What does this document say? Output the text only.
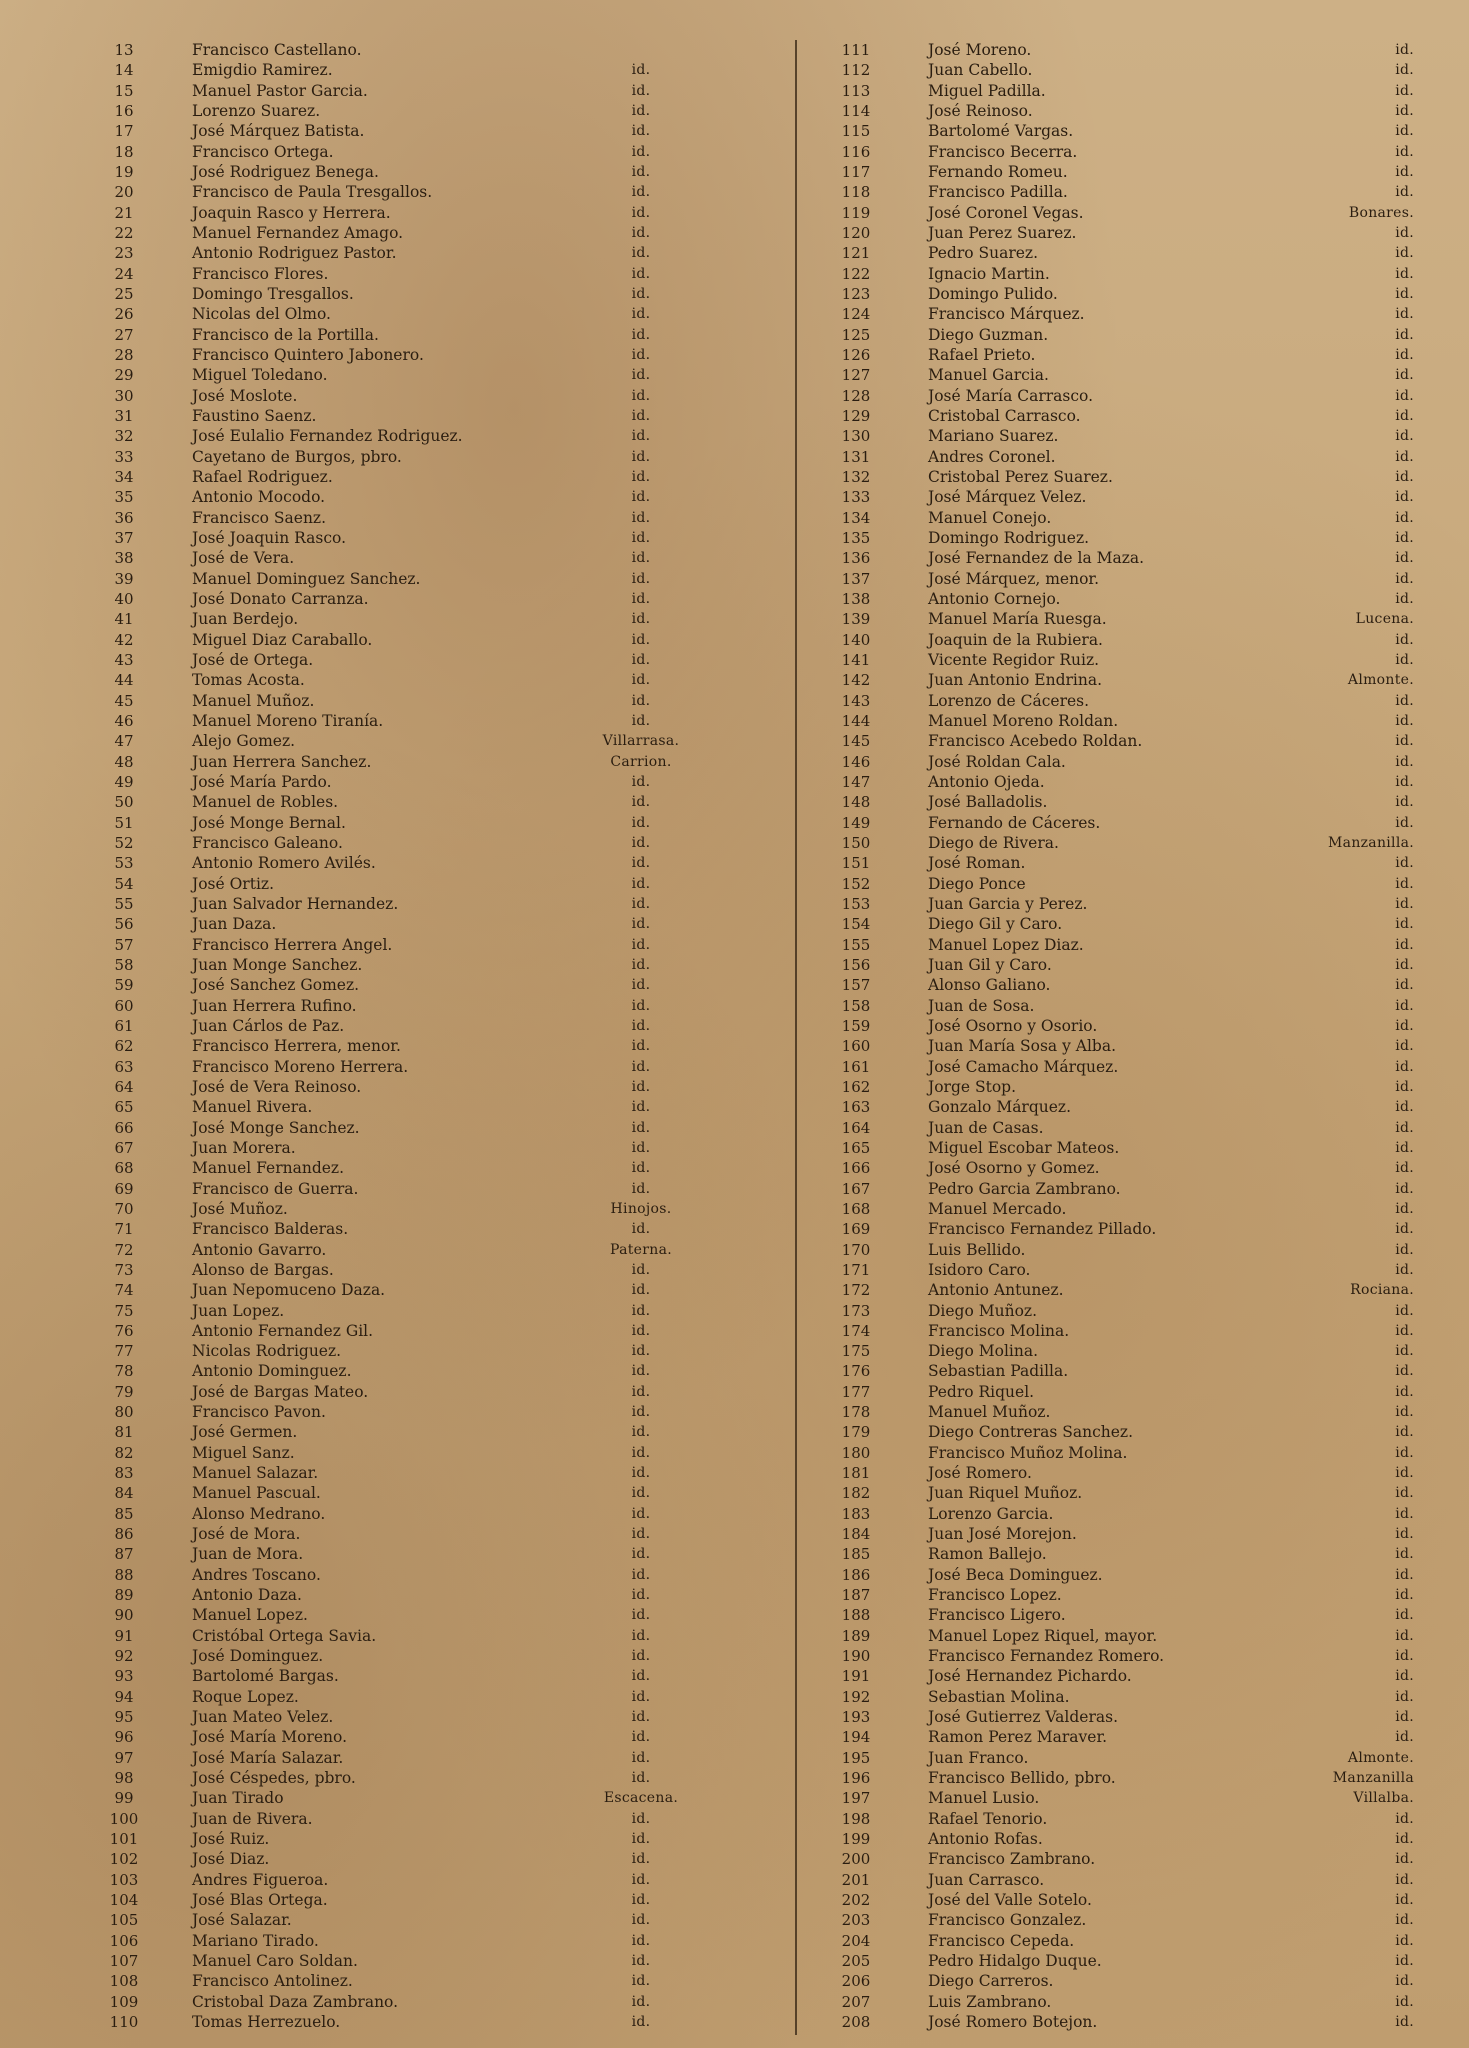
13	Francisco Castellano.
14	Emigdio Ramirez.	id.
15	Manuel Pastor Garcia.	id.
16	Lorenzo Suarez.	id.
17	José Márquez Batista.	id.
18	Francisco Ortega.	id.
19	José Rodriguez Benega.	id.
20	Francisco de Paula Tresgallos.	id.
21	Joaquin Rasco y Herrera.	id.
22	Manuel Fernandez Amago.	id.
23	Antonio Rodriguez Pastor.	id.
24	Francisco Flores.	id.
25	Domingo Tresgallos.	id.
26	Nicolas del Olmo.	id.
27	Francisco de la Portilla.	id.
28	Francisco Quintero Jabonero.	id.
29	Miguel Toledano.	id.
30	José Moslote.	id.
31	Faustino Saenz.	id.
32	José Eulalio Fernandez Rodriguez.	id.
33	Cayetano de Burgos, pbro.	id.
34	Rafael Rodriguez.	id.
35	Antonio Mocodo.	id.
36	Francisco Saenz.	id.
37	José Joaquin Rasco.	id.
38	José de Vera.	id.
39	Manuel Dominguez Sanchez.	id.
40	José Donato Carranza.	id.
41	Juan Berdejo.	id.
42	Miguel Diaz Caraballo.	id.
43	José de Ortega.	id.
44	Tomas Acosta.	id.
45	Manuel Muñoz.	id.
46	Manuel Moreno Tiranía.	id.
47	Alejo Gomez.	Villarrasa.
48	Juan Herrera Sanchez.	Carrion.
49	José María Pardo.	id.
50	Manuel de Robles.	id.
51	José Monge Bernal.	id.
52	Francisco Galeano.	id.
53	Antonio Romero Avilés.	id.
54	José Ortiz.	id.
55	Juan Salvador Hernandez.	id.
56	Juan Daza.	id.
57	Francisco Herrera Angel.	id.
58	Juan Monge Sanchez.	id.
59	José Sanchez Gomez.	id.
60	Juan Herrera Rufino.	id.
61	Juan Cárlos de Paz.	id.
62	Francisco Herrera, menor.	id.
63	Francisco Moreno Herrera.	id.
64	José de Vera Reinoso.	id.
65	Manuel Rivera.	id.
66	José Monge Sanchez.	id.
67	Juan Morera.	id.
68	Manuel Fernandez.	id.
69	Francisco de Guerra.	id.
70	José Muñoz.	Hinojos.
71	Francisco Balderas.	id.
72	Antonio Gavarro.	Paterna.
73	Alonso de Bargas.	id.
74	Juan Nepomuceno Daza.	id.
75	Juan Lopez.	id.
76	Antonio Fernandez Gil.	id.
77	Nicolas Rodriguez.	id.
78	Antonio Dominguez.	id.
79	José de Bargas Mateo.	id.
80	Francisco Pavon.	id.
81	José Germen.	id.
82	Miguel Sanz.	id.
83	Manuel Salazar.	id.
84	Manuel Pascual.	id.
85	Alonso Medrano.	id.
86	José de Mora.	id.
87	Juan de Mora.	id.
88	Andres Toscano.	id.
89	Antonio Daza.	id.
90	Manuel Lopez.	id.
91	Cristóbal Ortega Savia.	id.
92	José Dominguez.	id.
93	Bartolomé Bargas.	id.
94	Roque Lopez.	id.
95	Juan Mateo Velez.	id.
96	José María Moreno.	id.
97	José María Salazar.	id.
98	José Céspedes, pbro.	id.
99	Juan Tirado	Escacena.
100	Juan de Rivera.	id.
101	José Ruiz.	id.
102	José Diaz.	id.
103	Andres Figueroa.	id.
104	José Blas Ortega.	id.
105	José Salazar.	id.
106	Mariano Tirado.	id.
107	Manuel Caro Soldan.	id.
108	Francisco Antolinez.	id.
109	Cristobal Daza Zambrano.	id.
110	Tomas Herrezuelo.	id.
111	José Moreno.	id.
112	Juan Cabello.	id.
113	Miguel Padilla.	id.
114	José Reinoso.	id.
115	Bartolomé Vargas.	id.
116	Francisco Becerra.	id.
117	Fernando Romeu.	id.
118	Francisco Padilla.	id.
119	José Coronel Vegas.	Bonares.
120	Juan Perez Suarez.	id.
121	Pedro Suarez.	id.
122	Ignacio Martin.	id.
123	Domingo Pulido.	id.
124	Francisco Márquez.	id.
125	Diego Guzman.	id.
126	Rafael Prieto.	id.
127	Manuel Garcia.	id.
128	José María Carrasco.	id.
129	Cristobal Carrasco.	id.
130	Mariano Suarez.	id.
131	Andres Coronel.	id.
132	Cristobal Perez Suarez.	id.
133	José Márquez Velez.	id.
134	Manuel Conejo.	id.
135	Domingo Rodriguez.	id.
136	José Fernandez de la Maza.	id.
137	José Márquez, menor.	id.
138	Antonio Cornejo.	id.
139	Manuel María Ruesga.	Lucena.
140	Joaquin de la Rubiera.	id.
141	Vicente Regidor Ruiz.	id.
142	Juan Antonio Endrina.	Almonte.
143	Lorenzo de Cáceres.	id.
144	Manuel Moreno Roldan.	id.
145	Francisco Acebedo Roldan.	id.
146	José Roldan Cala.	id.
147	Antonio Ojeda.	id.
148	José Balladolis.	id.
149	Fernando de Cáceres.	id.
150	Diego de Rivera.	Manzanilla.
151	José Roman.	id.
152	Diego Ponce	id.
153	Juan Garcia y Perez.	id.
154	Diego Gil y Caro.	id.
155	Manuel Lopez Diaz.	id.
156	Juan Gil y Caro.	id.
157	Alonso Galiano.	id.
158	Juan de Sosa.	id.
159	José Osorno y Osorio.	id.
160	Juan María Sosa y Alba.	id.
161	José Camacho Márquez.	id.
162	Jorge Stop.	id.
163	Gonzalo Márquez.	id.
164	Juan de Casas.	id.
165	Miguel Escobar Mateos.	id.
166	José Osorno y Gomez.	id.
167	Pedro Garcia Zambrano.	id.
168	Manuel Mercado.	id.
169	Francisco Fernandez Pillado.	id.
170	Luis Bellido.	id.
171	Isidoro Caro.	id.
172	Antonio Antunez.	Rociana.
173	Diego Muñoz.	id.
174	Francisco Molina.	id.
175	Diego Molina.	id.
176	Sebastian Padilla.	id.
177	Pedro Riquel.	id.
178	Manuel Muñoz.	id.
179	Diego Contreras Sanchez.	id.
180	Francisco Muñoz Molina.	id.
181	José Romero.	id.
182	Juan Riquel Muñoz.	id.
183	Lorenzo Garcia.	id.
184	Juan José Morejon.	id.
185	Ramon Ballejo.	id.
186	José Beca Dominguez.	id.
187	Francisco Lopez.	id.
188	Francisco Ligero.	id.
189	Manuel Lopez Riquel, mayor.	id.
190	Francisco Fernandez Romero.	id.
191	José Hernandez Pichardo.	id.
192	Sebastian Molina.	id.
193	José Gutierrez Valderas.	id.
194	Ramon Perez Maraver.	id.
195	Juan Franco.	Almonte.
196	Francisco Bellido, pbro.	Manzanilla
197	Manuel Lusio.	Villalba.
198	Rafael Tenorio.	id.
199	Antonio Rofas.	id.
200	Francisco Zambrano.	id.
201	Juan Carrasco.	id.
202	José del Valle Sotelo.	id.
203	Francisco Gonzalez.	id.
204	Francisco Cepeda.	id.
205	Pedro Hidalgo Duque.	id.
206	Diego Carreros.	id.
207	Luis Zambrano.	id.
208	José Romero Botejon.	id.
